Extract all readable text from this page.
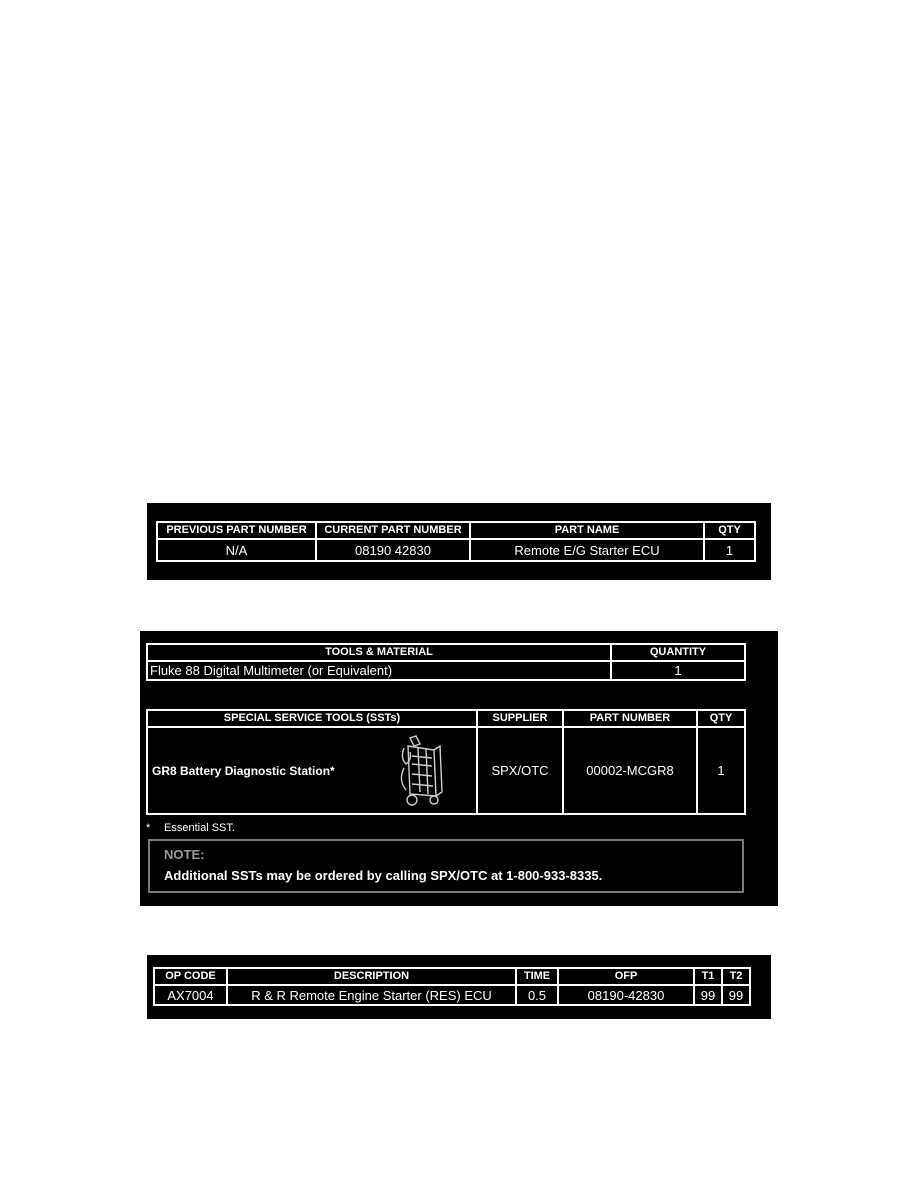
PREVIOUS PART NUMBER	CURRENT PART NUMBER	PART NAME	QTY
N/A	08190 42830	Remote E/G Starter ECU	1
TOOLS & MATERIAL	QUANTITY
Fluke 88 Digital Multimeter (or Equivalent)	1
SPECIAL SERVICE TOOLS (SSTs)	SUPPLIER	PART NUMBER	QTY
GR8 Battery Diagnostic Station*	SPX/OTC	00002-MCGR8	1
* Essential SST.
NOTE:
Additional SSTs may be ordered by calling SPX/OTC at 1-800-933-8335.
OP CODE	DESCRIPTION	TIME	OFP	T1	T2
AX7004	R & R Remote Engine Starter (RES) ECU	0.5	08190-42830	99	99
